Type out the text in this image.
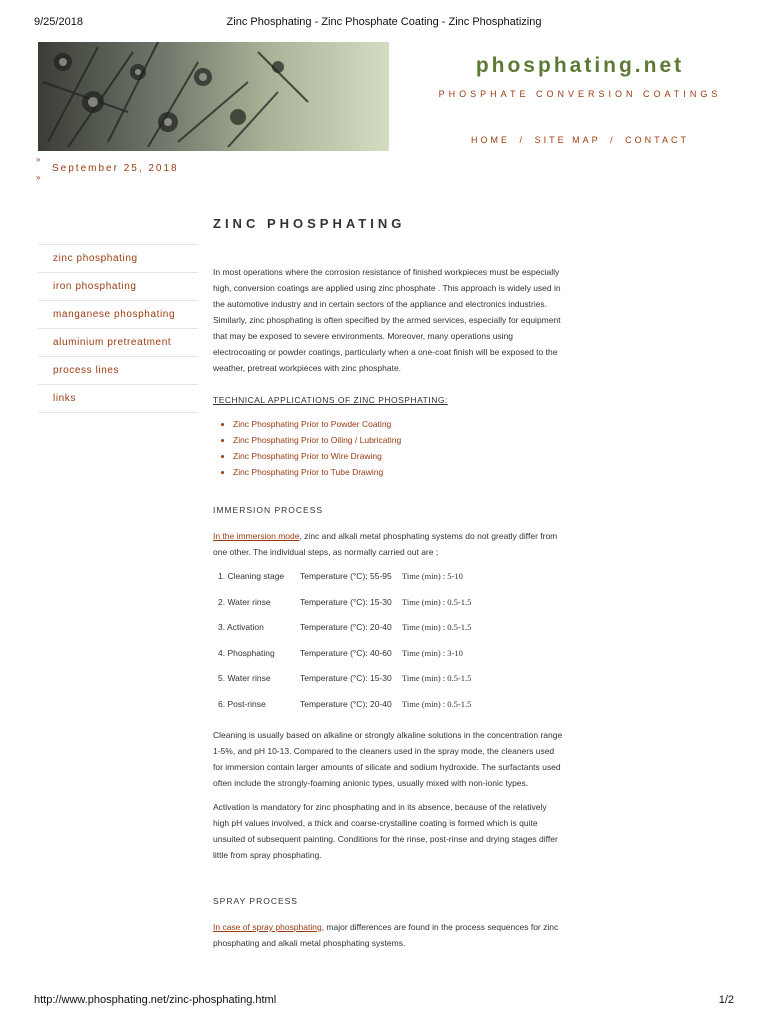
9/25/2018	Zinc Phosphating - Zinc Phosphate Coating - Zinc Phosphatizing
phosphating.net
PHOSPHATE CONVERSION COATINGS
HOME / SITE MAP / CONTACT
»
September 25, 2018
»
zinc phosphating
iron phosphating
manganese phosphating
aluminium pretreatment
process lines
links
ZINC PHOSPHATING

In most operations where the corrosion resistance of finished workpieces must be especially high, conversion coatings are applied using zinc phosphate . This approach is widely used in the automotive industry and in certain sectors of the appliance and electronics industries. Similarly, zinc phosphating is often specified by the armed services, especially for equipment that may be exposed to severe environments. Moreover, many operations using electrocoating or powder coatings, particularly when a one-coat finish will be exposed to the weather, pretreat workpieces with zinc phosphate.

TECHNICAL APPLICATIONS OF ZINC PHOSPHATING:
• Zinc Phosphating Prior to Powder Coating
• Zinc Phosphating Prior to Oiling / Lubricating
• Zinc Phosphating Prior to Wire Drawing
• Zinc Phosphating Prior to Tube Drawing
IMMERSION PROCESS

In the immersion mode, zinc and alkali metal phosphating systems do not greatly differ from one other. The individual steps, as normally carried out are ;

1. Cleaning stage Temperature (°C): 55-95 Time (min) : 5-10
2. Water rinse	Temperature (°C): 15-30 Time (min) : 0.5-1.5
3. Activation	Temperature (°C): 20-40 Time (min) : 0.5-1.5
4. Phosphating	Temperature (°C): 40-60 Time (min) : 3-10
5. Water rinse	Temperature (°C): 15-30 Time (min) : 0.5-1.5
6. Post-rinse	Temperature (°C): 20-40 Time (min) : 0.5-1.5

Cleaning is usually based on alkaline or strongly alkaline solutions in the concentration range 1-5%, and pH 10-13. Compared to the cleaners used in the spray mode, the cleaners used for immersion contain larger amounts of silicate and sodium hydroxide. The surfactants used often include the strongly-foaming anionic types, usually mixed with non-ionic types.

Activation is mandatory for zinc phosphating and in its absence, because of the relatively high pH values involved, a thick and coarse-crystalline coating is formed which is quite unsuited of subsequent painting. Conditions for the rinse, post-rinse and drying stages differ little from spray phosphating.

SPRAY PROCESS

In case of spray phosphating, major differences are found in the process sequences for zinc phosphating and alkali metal phosphating systems.

http://www.phosphating.net/zinc-phosphating.html	1/2
